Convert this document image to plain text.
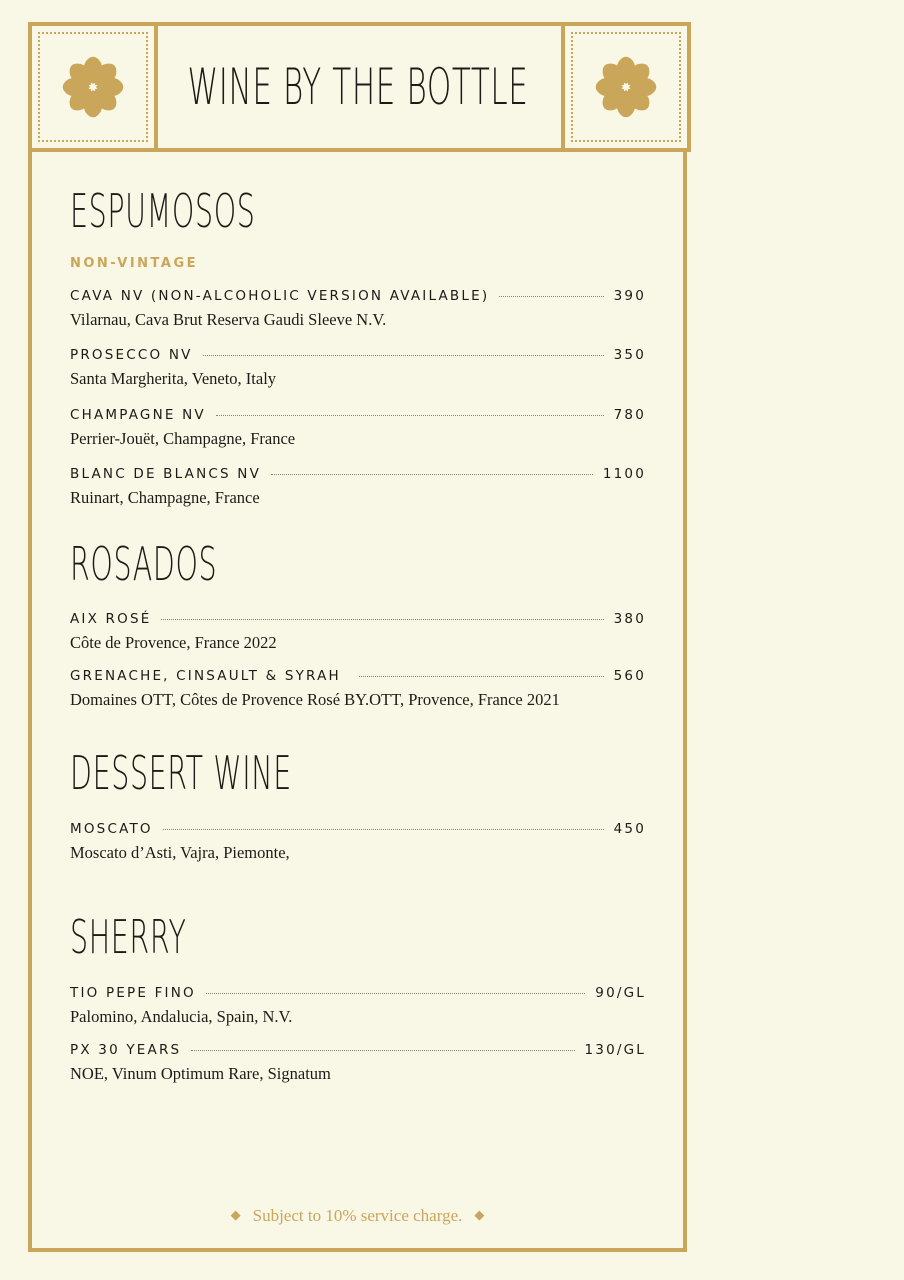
WINE BY THE BOTTLE
ESPUMOSOS
NON-VINTAGE
CAVA NV (NON-ALCOHOLIC VERSION AVAILABLE)	390
Vilarnau, Cava Brut Reserva Gaudi Sleeve N.V.
PROSECCO NV	350
Santa Margherita, Veneto, Italy
CHAMPAGNE NV	780
Perrier-Jouët, Champagne, France
BLANC DE BLANCS NV	1100
Ruinart, Champagne, France
ROSADOS
AIX ROSÉ	380
Côte de Provence, France 2022
GRENACHE, CINSAULT & SYRAH	560
Domaines OTT, Côtes de Provence Rosé BY.OTT, Provence, France 2021
DESSERT WINE
MOSCATO	450
Moscato d’Asti, Vajra, Piemonte,
SHERRY
TIO PEPE FINO	90/GL
Palomino, Andalucia, Spain, N.V.
PX 30 YEARS	130/GL
NOE, Vinum Optimum Rare, Signatum
◆ Subject to 10% service charge. ◆
